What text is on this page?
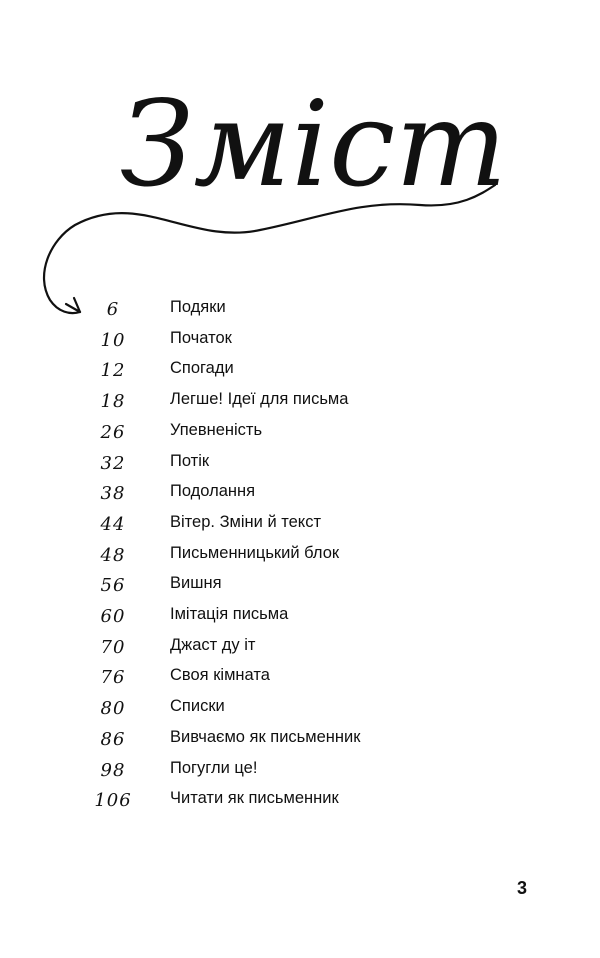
Зміст
6	Подяки
10	Початок
12	Спогади
18	Легше! Ідеї для письма
26	Упевненість
32	Потік
38	Подолання
44	Вітер. Зміни й текст
48	Письменницький блок
56	Вишня
60	Імітація письма
70	Джаст ду іт
76	Своя кімната
80	Списки
86	Вивчаємо як письменник
98	Погугли це!
106	Читати як письменник
3
